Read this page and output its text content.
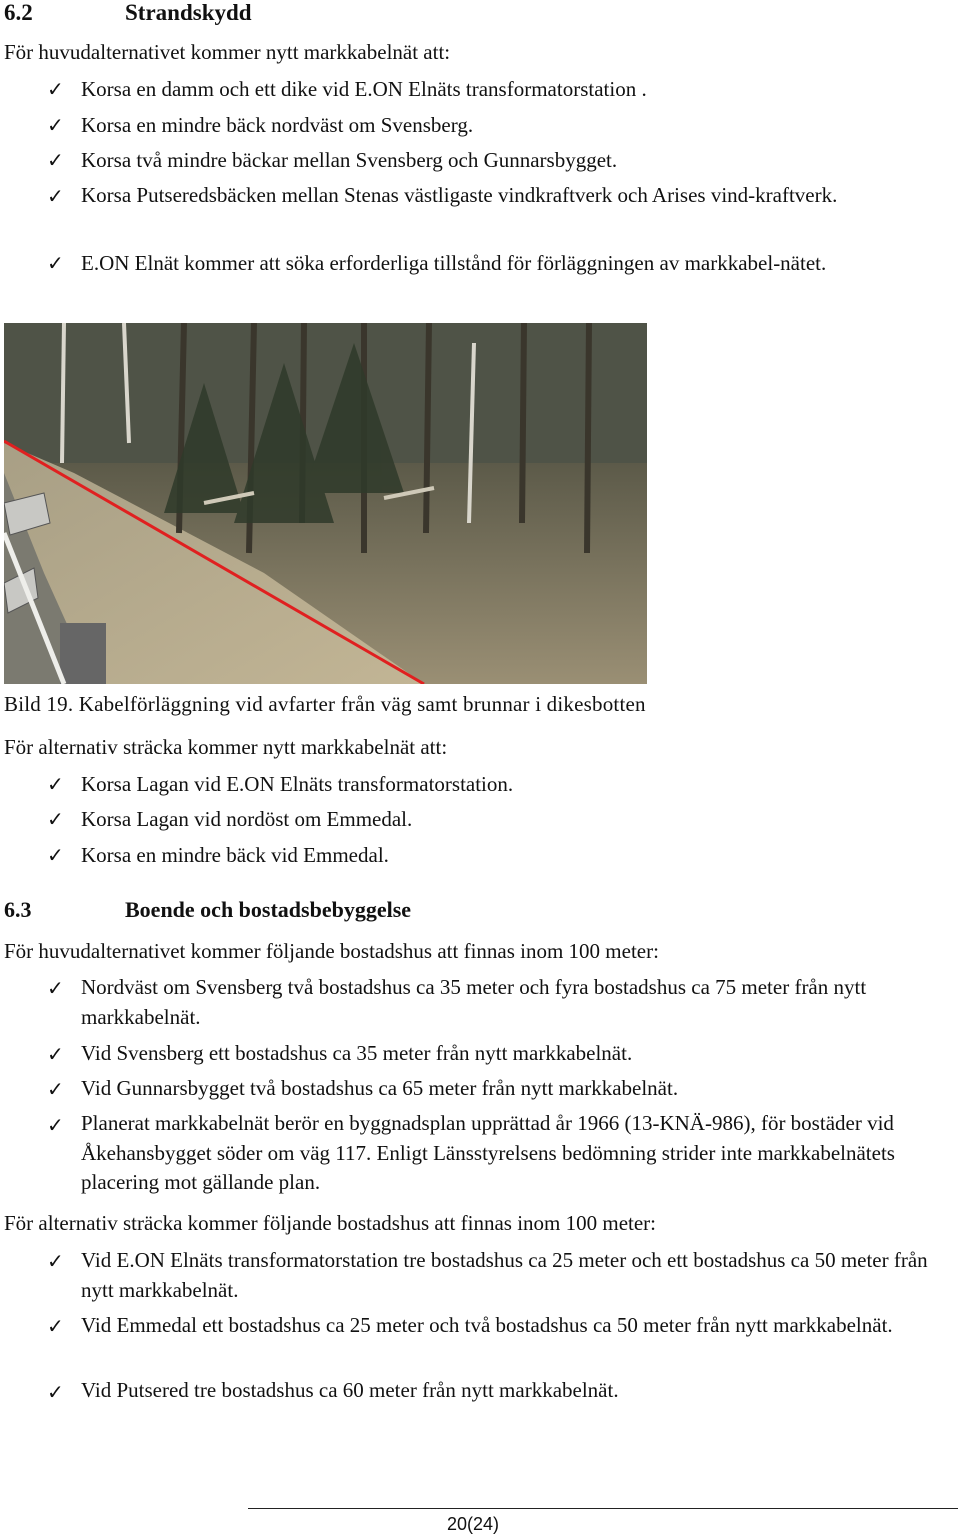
6.2	Strandskydd
För huvudalternativet kommer nytt markkabelnät att:
✓ Korsa en damm och ett dike vid E.ON Elnäts transformatorstation .
✓ Korsa en mindre bäck nordväst om Svensberg.
✓ Korsa två mindre bäckar mellan Svensberg och Gunnarsbygget.
✓ Korsa Putseredsbäcken mellan Stenas västligaste vindkraftverk och Arises vind-kraftverk.
✓ E.ON Elnät kommer att söka erforderliga tillstånd för förläggningen av markkabel-nätet.
Bild 19. Kabelförläggning vid avfarter från väg samt brunnar i dikesbotten
För alternativ sträcka kommer nytt markkabelnät att:
✓ Korsa Lagan vid E.ON Elnäts transformatorstation.
✓ Korsa Lagan vid nordöst om Emmedal.
✓ Korsa en mindre bäck vid Emmedal.
6.3	Boende och bostadsbebyggelse
För huvudalternativet kommer följande bostadshus att finnas inom 100 meter:
✓ Nordväst om Svensberg två bostadshus ca 35 meter och fyra bostadshus ca 75 meter från nytt markkabelnät.
✓ Vid Svensberg ett bostadshus ca 35 meter från nytt markkabelnät.
✓ Vid Gunnarsbygget två bostadshus ca 65 meter från nytt markkabelnät.
✓ Planerat markkabelnät berör en byggnadsplan upprättad år 1966 (13-KNÄ-986), för bostäder vid Åkehansbygget söder om väg 117. Enligt Länsstyrelsens bedömning strider inte markkabelnätets placering mot gällande plan.
För alternativ sträcka kommer följande bostadshus att finnas inom 100 meter:
✓ Vid E.ON Elnäts transformatorstation tre bostadshus ca 25 meter och ett bostadshus ca 50 meter från nytt markkabelnät.
✓ Vid Emmedal ett bostadshus ca 25 meter och två bostadshus ca 50 meter från nytt markkabelnät.
✓ Vid Putsered tre bostadshus ca 60 meter från nytt markkabelnät.
20(24)
